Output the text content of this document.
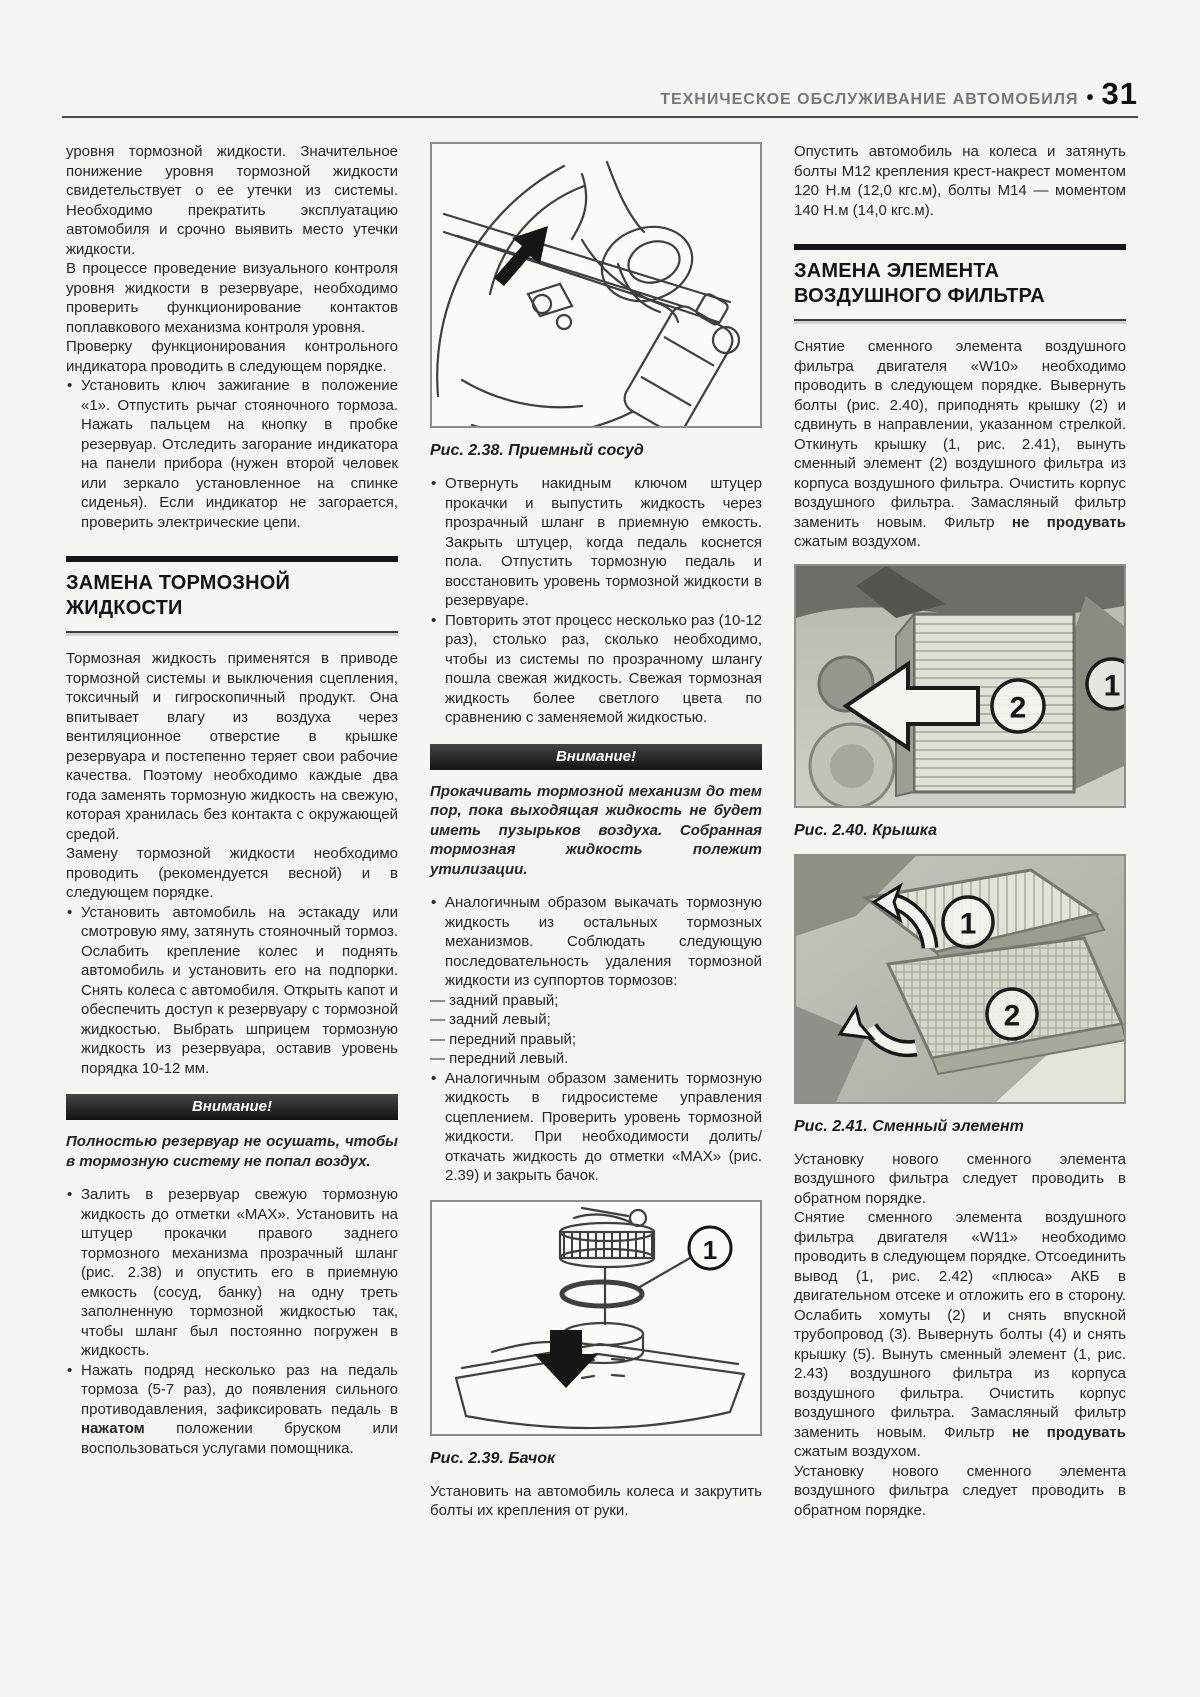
ТЕХНИЧЕСКОЕ ОБСЛУЖИВАНИЕ АВТОМОБИЛЯ • 31

уровня тормозной жидкости. Значительное понижение уровня тормозной жидкости свидетельствует о ее утечки из системы. Необходимо прекратить эксплуатацию автомобиля и срочно выявить место утечки жидкости.

В процессе проведение визуального контроля уровня жидкости в резервуаре, необходимо проверить функционирование контактов поплавкового механизма контроля уровня.

Проверку функционирования контрольного индикатора проводить в следующем порядке.

• Установить ключ зажигание в положение «1». Отпустить рычаг стояночного тормоза. Нажать пальцем на кнопку в пробке резервуар. Отследить загорание индикатора на панели прибора (нужен второй человек или зеркало установленное на спинке сиденья). Если индикатор не загорается, проверить электрические цепи.

ЗАМЕНА ТОРМОЗНОЙ ЖИДКОСТИ

Тормозная жидкость применятся в приводе тормозной системы и выключения сцепления, токсичный и гигроскопичный продукт. Она впитывает влагу из воздуха через вентиляционное отверстие в крышке резервуара и постепенно теряет свои рабочие качества. Поэтому необходимо каждые два года заменять тормозную жидкость на свежую, которая хранилась без контакта с окружающей средой.

Замену тормозной жидкости необходимо проводить (рекомендуется весной) и в следующем порядке.

• Установить автомобиль на эстакаду или смотровую яму, затянуть стояночный тормоз. Ослабить крепление колес и поднять автомобиль и установить его на подпорки. Снять колеса с автомобиля. Открыть капот и обеспечить доступ к резервуару с тормозной жидкостью. Выбрать шприцем тормозную жидкость из резервуара, оставив уровень порядка 10-12 мм.

Внимание!

Полностью резервуар не осушать, чтобы в тормозную систему не попал воздух.

• Залить в резервуар свежую тормозную жидкость до отметки «MAX». Установить на штуцер прокачки правого заднего тормозного механизма прозрачный шланг (рис. 2.38) и опустить его в приемную емкость (сосуд, банку) на одну треть заполненную тормозной жидкостью так, чтобы шланг был постоянно погружен в жидкость.

• Нажать подряд несколько раз на педаль тормоза (5-7 раз), до появления сильного противодавления, зафиксировать педаль в нажатом положении бруском или воспользоваться услугами помощника.

Рис. 2.38. Приемный сосуд

• Отвернуть накидным ключом штуцер прокачки и выпустить жидкость через прозрачный шланг в приемную емкость. Закрыть штуцер, когда педаль коснется пола. Отпустить тормозную педаль и восстановить уровень тормозной жидкости в резервуаре.

• Повторить этот процесс несколько раз (10-12 раз), столько раз, сколько необходимо, чтобы из системы по прозрачному шлангу пошла свежая жидкость. Свежая тормозная жидкость более светлого цвета по сравнению с заменяемой жидкостью.

Внимание!

Прокачивать тормозной механизм до тем пор, пока выходящая жидкость не будет иметь пузырьков воздуха. Собранная тормозная жидкость полежит утилизации.

• Аналогичным образом выкачать тормозную жидкость из остальных тормозных механизмов. Соблюдать следующую последовательность удаления тормозной жидкости из суппортов тормозов:

— задний правый;

— задний левый;

— передний правый;

— передний левый.

• Аналогичным образом заменить тормозную жидкость в гидросистеме управления сцеплением. Проверить уровень тормозной жидкости. При необходимости долить/откачать жидкость до отметки «MAX» (рис. 2.39) и закрыть бачок.

1
Рис. 2.39. Бачок

Установить на автомобиль колеса и закрутить болты их крепления от руки.

Опустить автомобиль на колеса и затянуть болты М12 крепления крест-накрест моментом 120 Н.м (12,0 кгс.м), болты М14 — моментом 140 Н.м (14,0 кгс.м).

ЗАМЕНА ЭЛЕМЕНТА ВОЗДУШНОГО ФИЛЬТРА

Снятие сменного элемента воздушного фильтра двигателя «W10» необходимо проводить в следующем порядке. Вывернуть болты (рис. 2.40), приподнять крышку (2) и сдвинуть в направлении, указанном стрелкой. Откинуть крышку (1, рис. 2.41), вынуть сменный элемент (2) воздушного фильтра из корпуса воздушного фильтра. Очистить корпус воздушного фильтра. Замасляный фильтр заменить новым. Фильтр не продувать сжатым воздухом.

2
1
Рис. 2.40. Крышка
1
2
Рис. 2.41. Сменный элемент

Установку нового сменного элемента воздушного фильтра следует проводить в обратном порядке.

Снятие сменного элемента воздушного фильтра двигателя «W11» необходимо проводить в следующем порядке. Отсоединить вывод (1, рис. 2.42) «плюса» АКБ в двигательном отсеке и отложить его в сторону. Ослабить хомуты (2) и снять впускной трубопровод (3). Вывернуть болты (4) и снять крышку (5). Вынуть сменный элемент (1, рис. 2.43) воздушного фильтра из корпуса воздушного фильтра. Очистить корпус воздушного фильтра. Замасляный фильтр заменить новым. Фильтр не продувать сжатым воздухом.

Установку нового сменного элемента воздушного фильтра следует проводить в обратном порядке.
